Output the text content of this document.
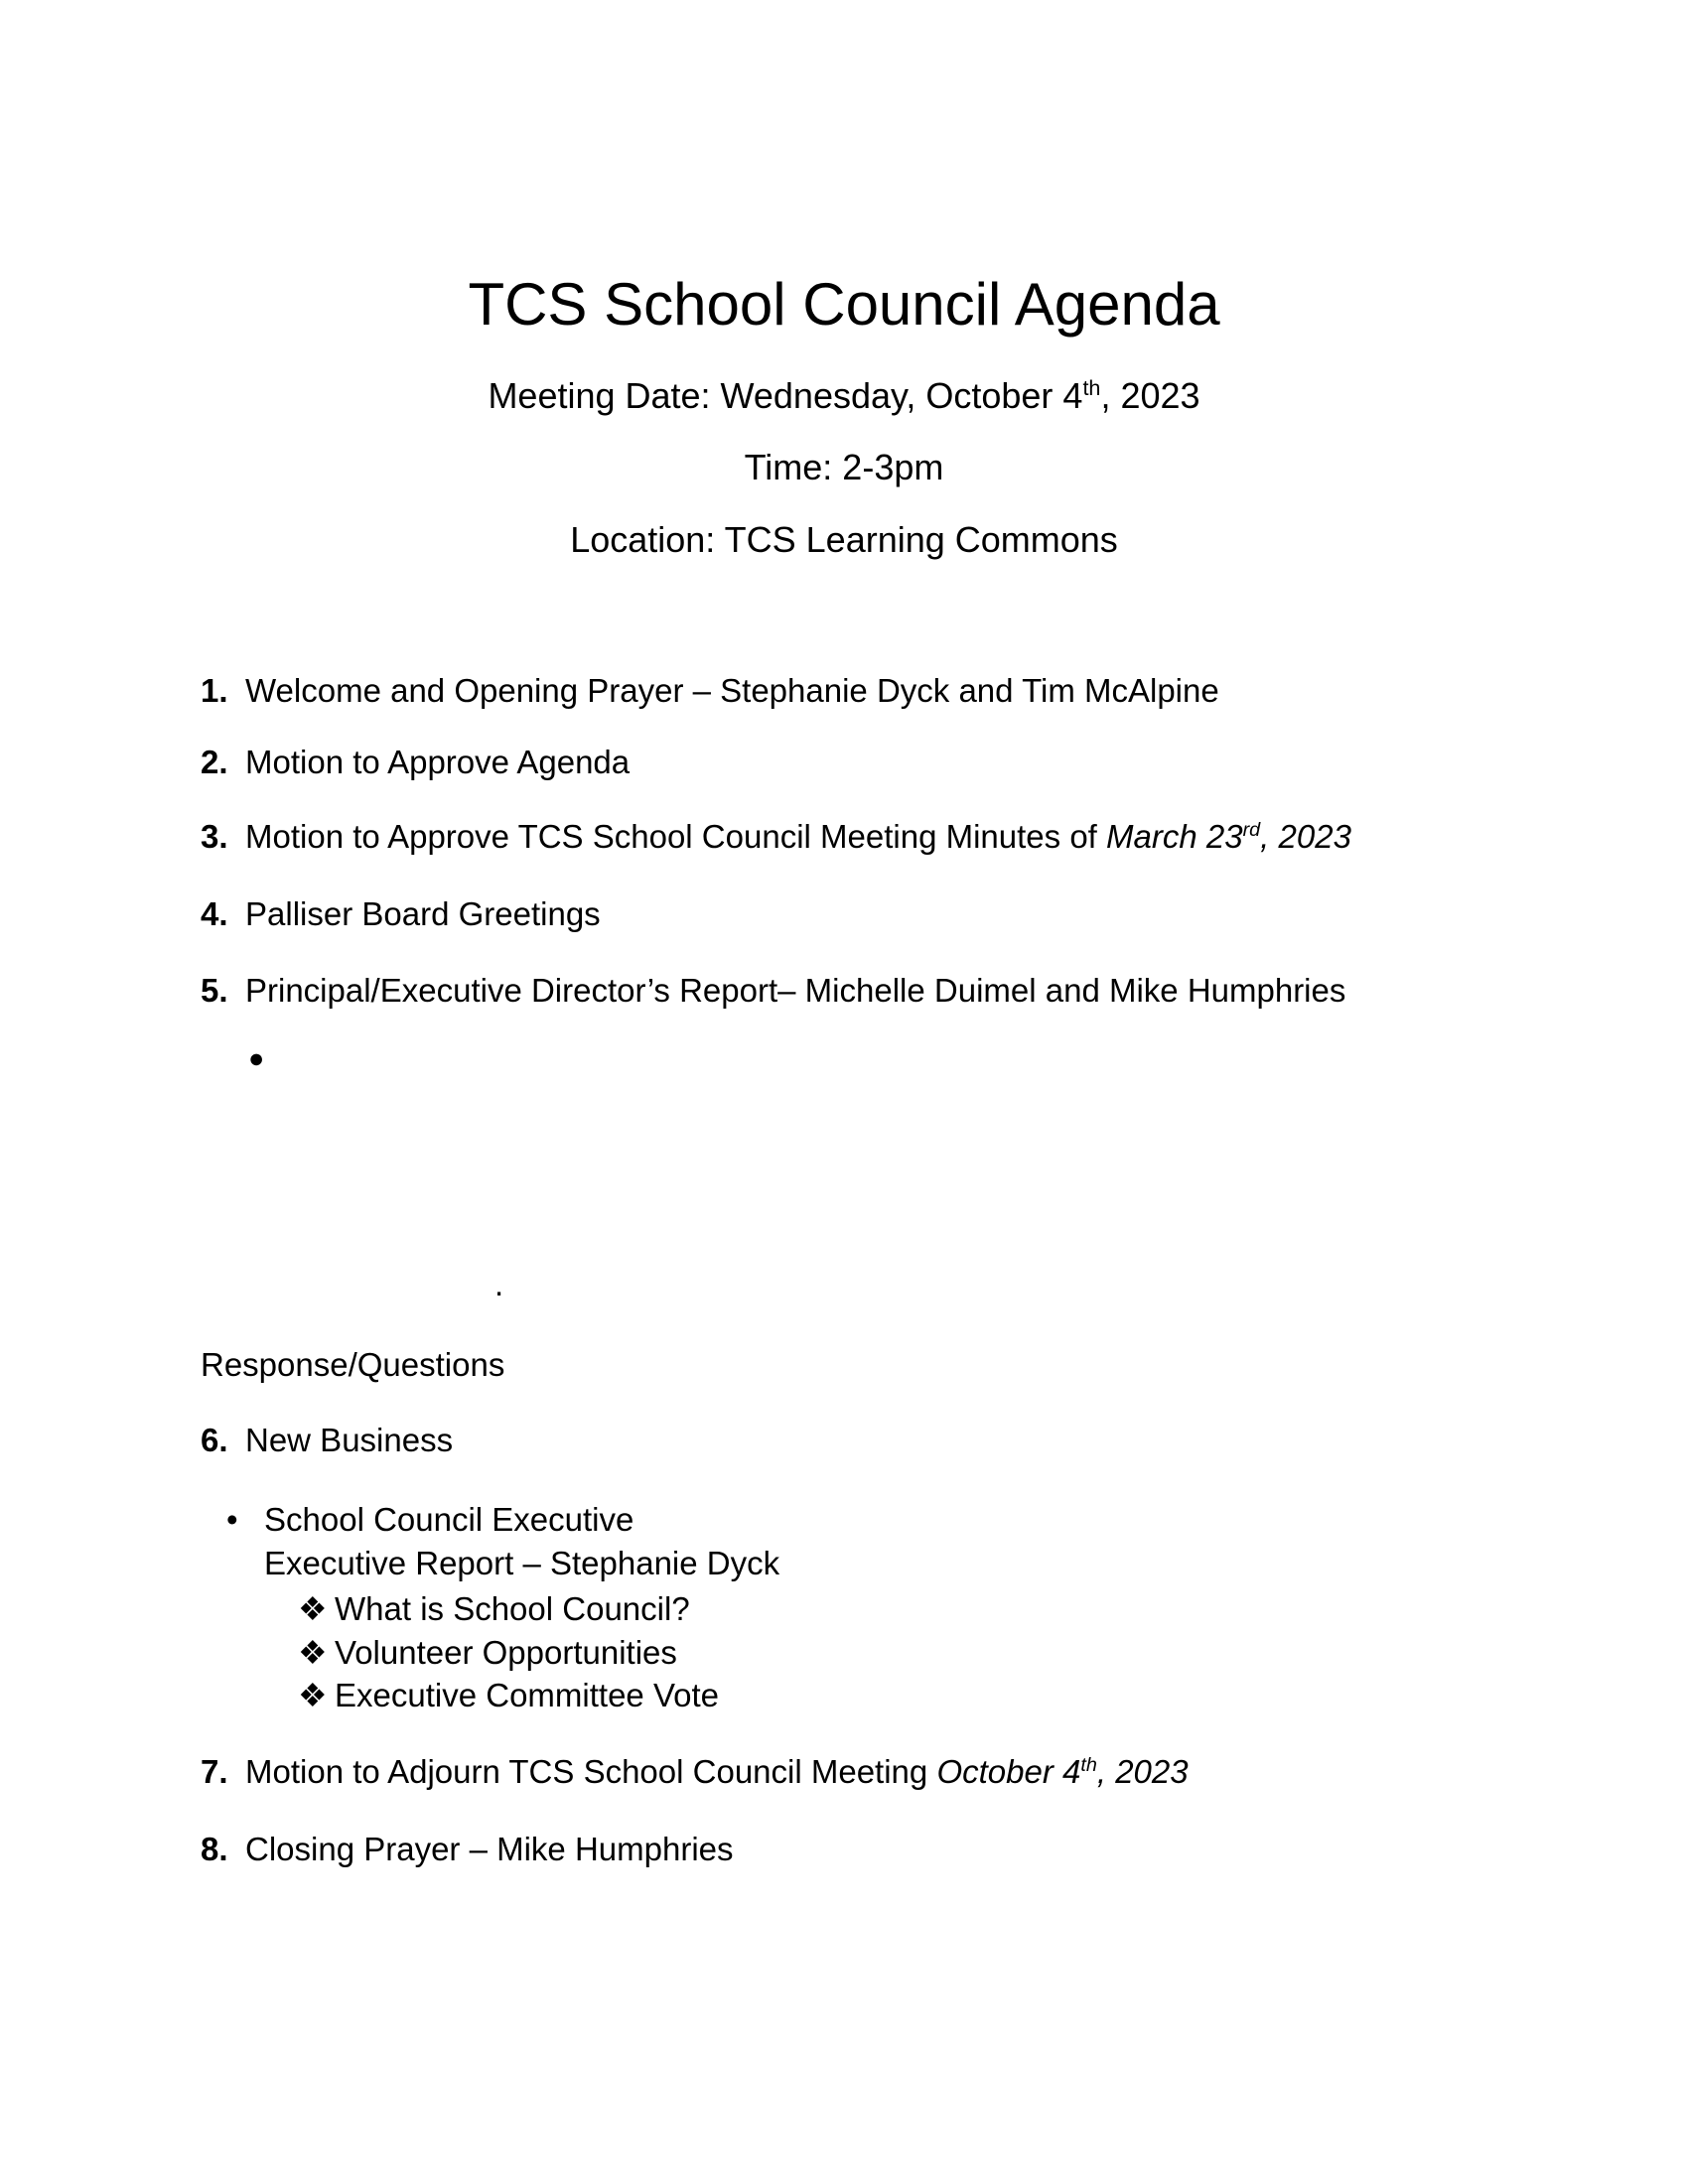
TCS School Council Agenda
Meeting Date: Wednesday, October 4th, 2023
Time: 2-3pm
Location: TCS Learning Commons
1. Welcome and Opening Prayer – Stephanie Dyck and Tim McAlpine
2. Motion to Approve Agenda
3. Motion to Approve TCS School Council Meeting Minutes of March 23rd, 2023
4. Palliser Board Greetings
5. Principal/Executive Director’s Report– Michelle Duimel and Mike Humphries
●
.
Response/Questions
6. New Business
• School Council Executive
Executive Report – Stephanie Dyck
❖ What is School Council?
❖ Volunteer Opportunities
❖ Executive Committee Vote
7. Motion to Adjourn TCS School Council Meeting October 4th, 2023
8. Closing Prayer – Mike Humphries
